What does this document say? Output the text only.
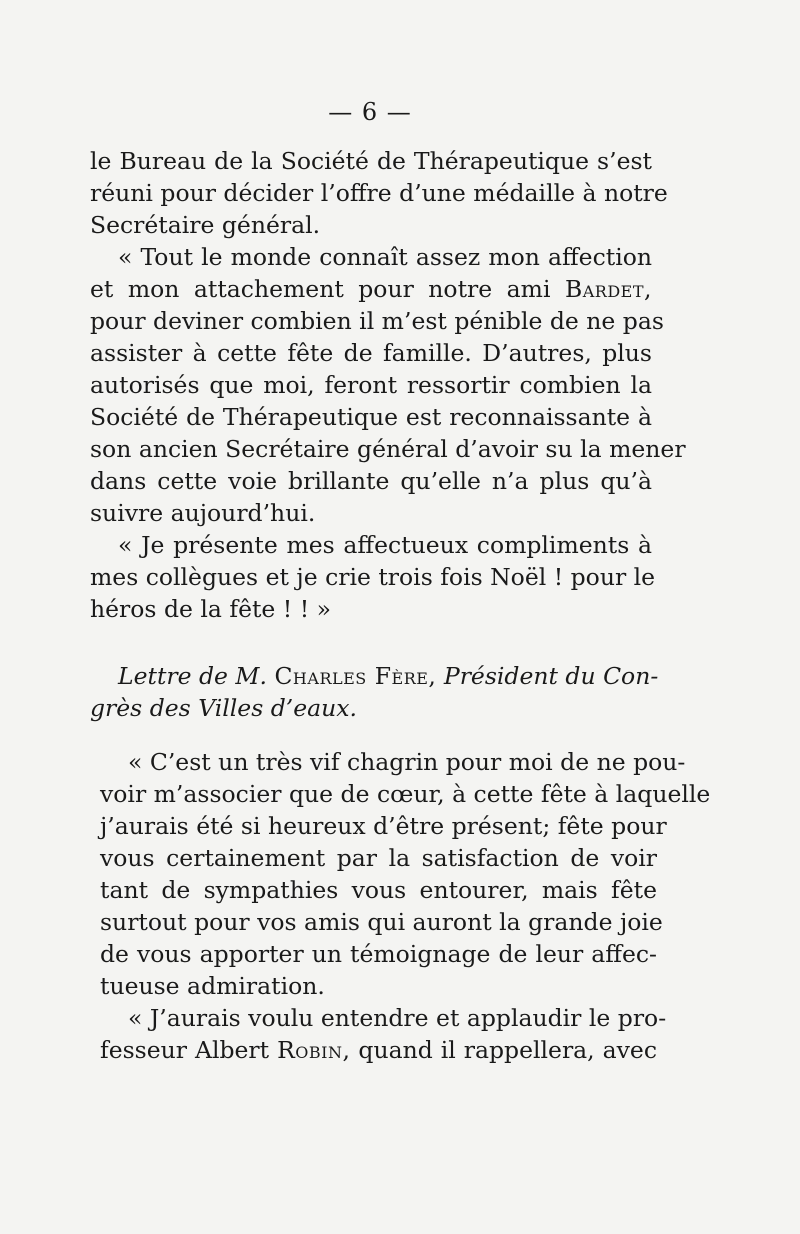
— 6 —
le Bureau de la Société de Thérapeutique s’est
réuni pour décider l’offre d’une médaille à notre
Secrétaire général.
« Tout le monde connaît assez mon affection
et mon attachement pour notre ami Bardet,
pour deviner combien il m’est pénible de ne pas
assister à cette fête de famille. D’autres, plus
autorisés que moi, feront ressortir combien la
Société de Thérapeutique est reconnaissante à
son ancien Secrétaire général d’avoir su la mener
dans cette voie brillante qu’elle n’a plus qu’à
suivre aujourd’hui.
« Je présente mes affectueux compliments à
mes collègues et je crie trois fois Noël ! pour le
héros de la fête ! ! »
Lettre de M. Charles Fère, Président du Con-
grès des Villes d’eaux.
« C’est un très vif chagrin pour moi de ne pou-
voir m’associer que de cœur, à cette fête à laquelle
j’aurais été si heureux d’être présent; fête pour
vous certainement par la satisfaction de voir
tant de sympathies vous entourer, mais fête
surtout pour vos amis qui auront la grande joie
de vous apporter un témoignage de leur affec-
tueuse admiration.
« J’aurais voulu entendre et applaudir le pro-
fesseur Albert Robin, quand il rappellera, avec
